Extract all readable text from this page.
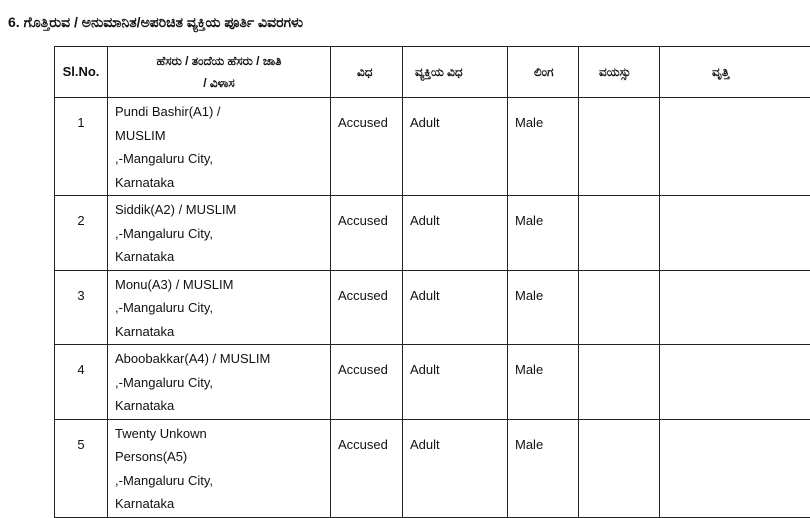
6. ಗೊತ್ತಿರುವ / ಅನುಮಾನಿತ/ಅಪರಿಚಿತ ವ್ಯಕ್ತಿಯ ಪೂರ್ತಿ ವಿವರಗಳು
Sl.No.	ಹೆಸರು / ತಂದೆಯ ಹೆಸರು / ಜಾತಿ
/ ವಿಳಾಸ	ವಿಧ	ವ್ಯಕ್ತಿಯ ವಿಧ	ಲಿಂಗ	ವಯಸ್ಸು	ವೃತ್ತಿ
1	Pundi Bashir(A1) /
MUSLIM
,-Mangaluru City,
Karnataka	Accused	Adult	Male		
2	Siddik(A2) / MUSLIM
,-Mangaluru City,
Karnataka	Accused	Adult	Male		
3	Monu(A3) / MUSLIM
,-Mangaluru City,
Karnataka	Accused	Adult	Male		
4	Aboobakkar(A4) / MUSLIM
,-Mangaluru City,
Karnataka	Accused	Adult	Male		
5	Twenty Unkown
Persons(A5)
,-Mangaluru City,
Karnataka	Accused	Adult	Male		
